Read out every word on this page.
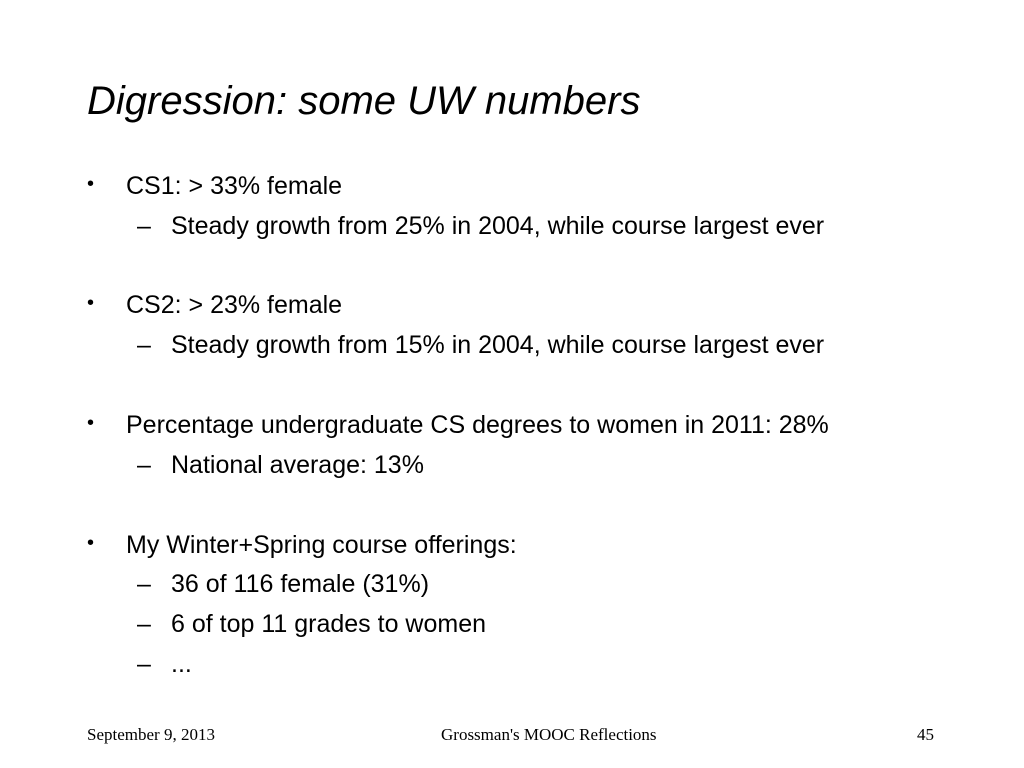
Digression: some UW numbers
• CS1: > 33% female
– Steady growth from 25% in 2004, while course largest ever
• CS2: > 23% female
– Steady growth from 15% in 2004, while course largest ever
• Percentage undergraduate CS degrees to women in 2011: 28%
– National average: 13%
• My Winter+Spring course offerings:
– 36 of 116 female (31%)
– 6 of top 11 grades to women
– ...
September 9, 2013	Grossman's MOOC Reflections	45
